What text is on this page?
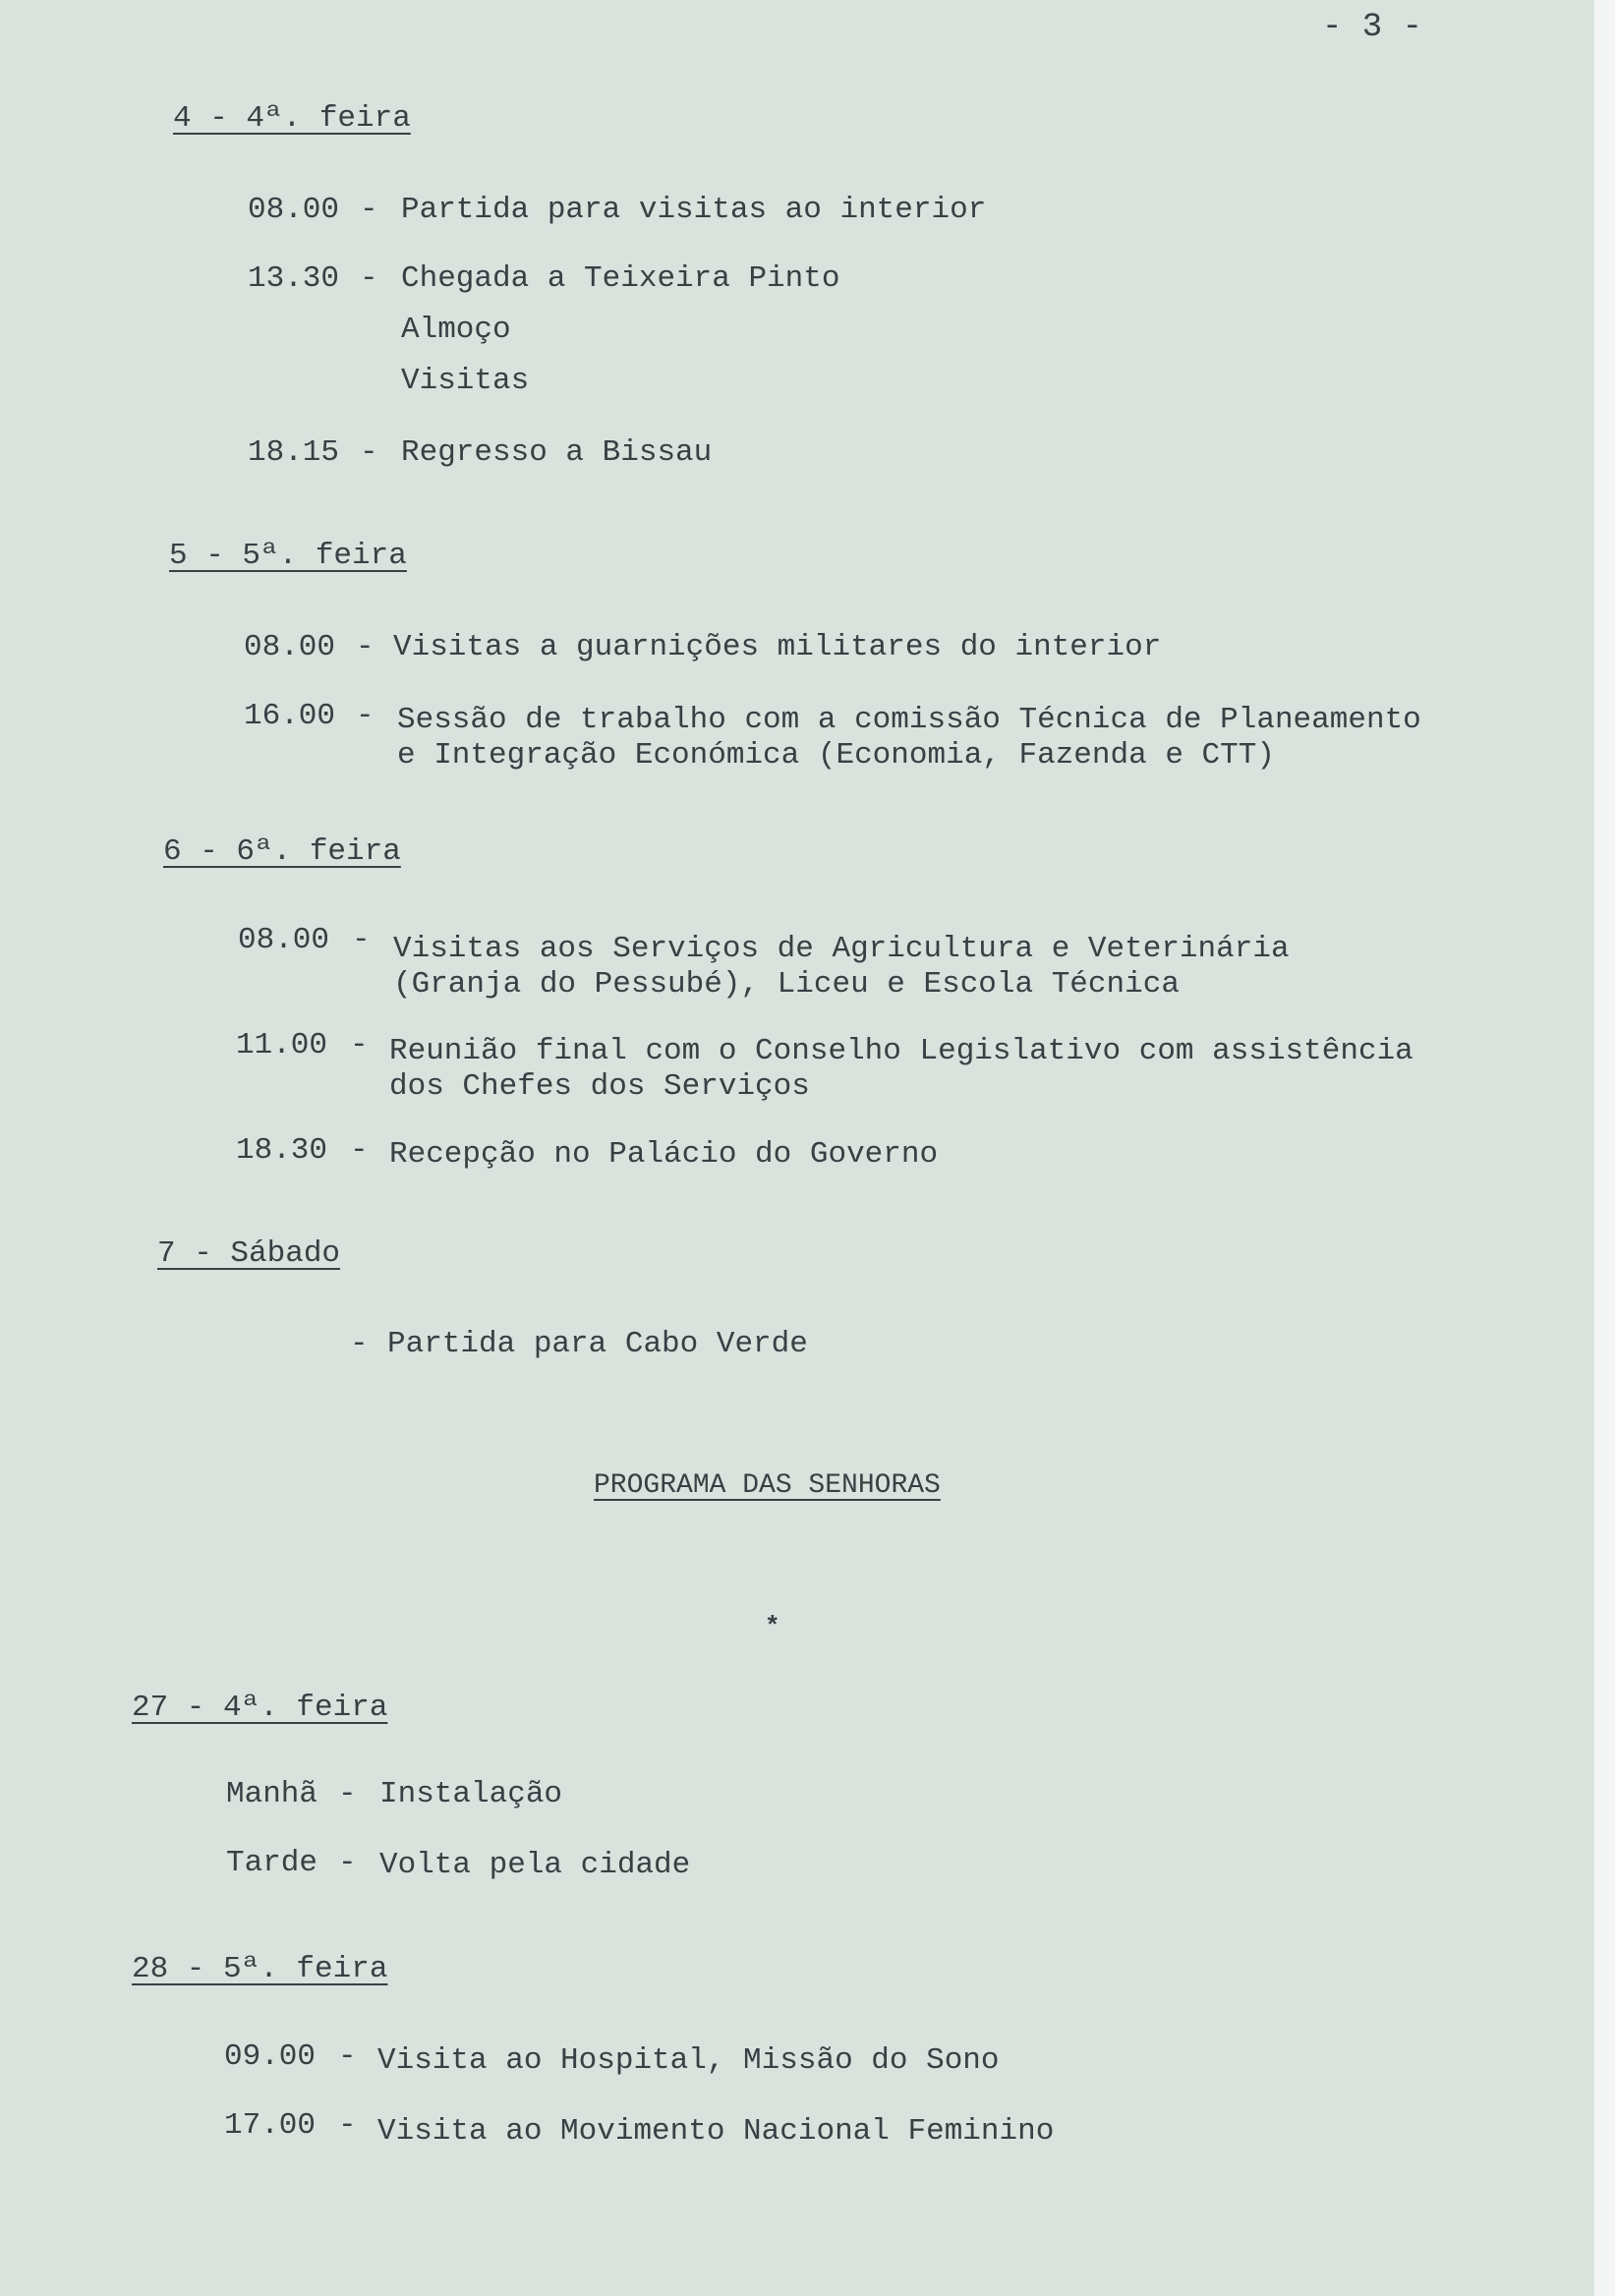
- 3 -
4 - 4ª. feira
08.00 - Partida para visitas ao interior
13.30 - Chegada a Teixeira Pinto
Almoço
Visitas
18.15 - Regresso a Bissau
5 - 5ª. feira
08.00 - Visitas a guarnições militares do interior
16.00 - Sessão de trabalho com a comissão Técnica de Planeamento
e Integração Económica (Economia, Fazenda e CTT)
6 - 6ª. feira
08.00 - Visitas aos Serviços de Agricultura e Veterinária
(Granja do Pessubé), Liceu e Escola Técnica
11.00 - Reunião final com o Conselho Legislativo com assistência
dos Chefes dos Serviços
18.30 - Recepção no Palácio do Governo
7 - Sábado
- Partida para Cabo Verde
PROGRAMA DAS SENHORAS
*
27 - 4ª. feira
Manhã - Instalação
Tarde - Volta pela cidade
28 - 5ª. feira
09.00 - Visita ao Hospital, Missão do Sono
17.00 - Visita ao Movimento Nacional Feminino
